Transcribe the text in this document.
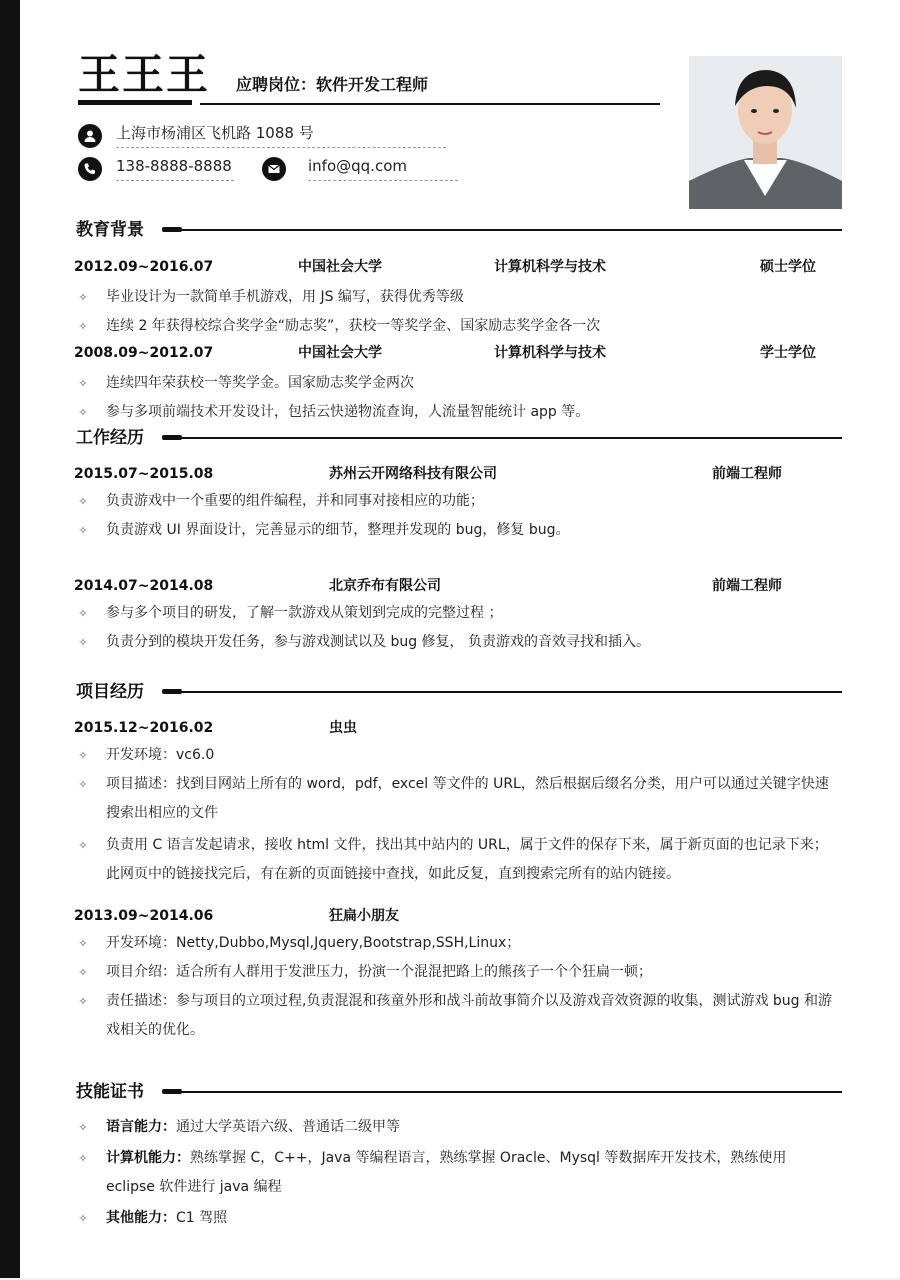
王王王 应聘岗位：软件开发工程师
上海市杨浦区飞机路 1088 号
138-8888-8888	info@qq.com
教育背景
2012.09~2016.07	中国社会大学	计算机科学与技术	硕士学位
✧ 毕业设计为一款简单手机游戏，用 JS 编写，获得优秀等级
✧ 连续 2 年获得校综合奖学金“励志奖”，获校一等奖学金、国家励志奖学金各一次
2008.09~2012.07	中国社会大学	计算机科学与技术	学士学位
✧ 连续四年荣获校一等奖学金。国家励志奖学金两次
✧ 参与多项前端技术开发设计，包括云快递物流查询，人流量智能统计 app 等。
工作经历
2015.07~2015.08	苏州云开网络科技有限公司	前端工程师
✧ 负责游戏中一个重要的组件编程，并和同事对接相应的功能；
✧ 负责游戏 UI 界面设计，完善显示的细节，整理并发现的 bug，修复 bug。
2014.07~2014.08	北京乔布有限公司	前端工程师
✧ 参与多个项目的研发，了解一款游戏从策划到完成的完整过程 ；
✧ 负责分到的模块开发任务，参与游戏测试以及 bug 修复， 负责游戏的音效寻找和插入。
项目经历
2015.12~2016.02	虫虫
✧ 开发环境：vc6.0
✧ 项目描述：找到目网站上所有的 word，pdf，excel 等文件的 URL，然后根据后缀名分类，用户可以通过关键字快速搜索出相应的文件
✧ 负责用 C 语言发起请求，接收 html 文件，找出其中站内的 URL，属于文件的保存下来，属于新页面的也记录下来；此网页中的链接找完后，有在新的页面链接中查找，如此反复，直到搜索完所有的站内链接。
2013.09~2014.06	狂扁小朋友
✧ 开发环境：Netty,Dubbo,Mysql,Jquery,Bootstrap,SSH,Linux；
✧ 项目介绍：适合所有人群用于发泄压力，扮演一个混混把路上的熊孩子一个个狂扁一顿；
✧ 责任描述：参与项目的立项过程,负责混混和孩童外形和战斗前故事简介以及游戏音效资源的收集，测试游戏 bug 和游戏相关的优化。
技能证书
✧ 语言能力：通过大学英语六级、普通话二级甲等
✧ 计算机能力：熟练掌握 C，C++，Java 等编程语言，熟练掌握 Oracle、Mysql 等数据库开发技术，熟练使用 eclipse 软件进行 java 编程
✧ 其他能力：C1 驾照
